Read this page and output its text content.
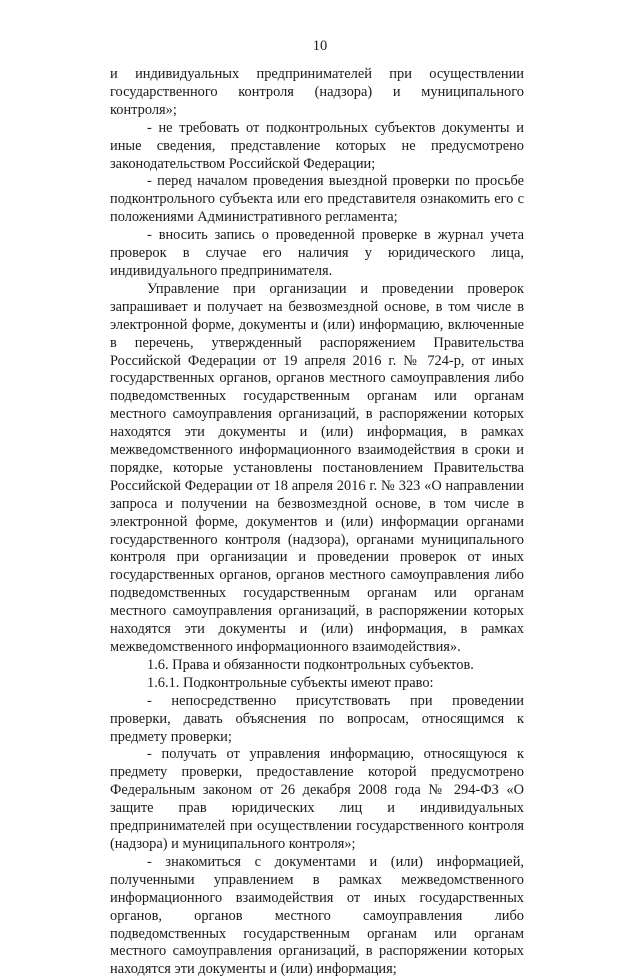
10

и индивидуальных предпринимателей при осуществлении государственного контроля (надзора) и муниципального контроля»;

- не требовать от подконтрольных субъектов документы и иные сведения, представление которых не предусмотрено законодательством Российской Федерации;

- перед началом проведения выездной проверки по просьбе подконтрольного субъекта или его представителя ознакомить его с положениями Административного регламента;

- вносить запись о проведенной проверке в журнал учета проверок в случае его наличия у юридического лица, индивидуального предпринимателя.

Управление при организации и проведении проверок запрашивает и получает на безвозмездной основе, в том числе в электронной форме, документы и (или) информацию, включенные в перечень, утвержденный распоряжением Правительства Российской Федерации от 19 апреля 2016 г. № 724-р, от иных государственных органов, органов местного самоуправления либо подведомственных государственным органам или органам местного самоуправления организаций, в распоряжении которых находятся эти документы и (или) информация, в рамках межведомственного информационного взаимодействия в сроки и порядке, которые установлены постановлением Правительства Российской Федерации от 18 апреля 2016 г. № 323 «О направлении запроса и получении на безвозмездной основе, в том числе в электронной форме, документов и (или) информации органами государственного контроля (надзора), органами муниципального контроля при организации и проведении проверок от иных государственных органов, органов местного самоуправления либо подведомственных государственным органам или органам местного самоуправления организаций, в распоряжении которых находятся эти документы и (или) информация, в рамках межведомственного информационного взаимодействия».

1.6. Права и обязанности подконтрольных субъектов.

1.6.1. Подконтрольные субъекты имеют право:

- непосредственно присутствовать при проведении проверки, давать объяснения по вопросам, относящимся к предмету проверки;

- получать от управления информацию, относящуюся к предмету проверки, предоставление которой предусмотрено Федеральным законом от 26 декабря 2008 года № 294-ФЗ «О защите прав юридических лиц и индивидуальных предпринимателей при осуществлении государственного контроля (надзора) и муниципального контроля»;

- знакомиться с документами и (или) информацией, полученными управлением в рамках межведомственного информационного взаимодействия от иных государственных органов, органов местного самоуправления либо подведомственных государственным органам или органам местного самоуправления организаций, в распоряжении которых находятся эти документы и (или) информация;
